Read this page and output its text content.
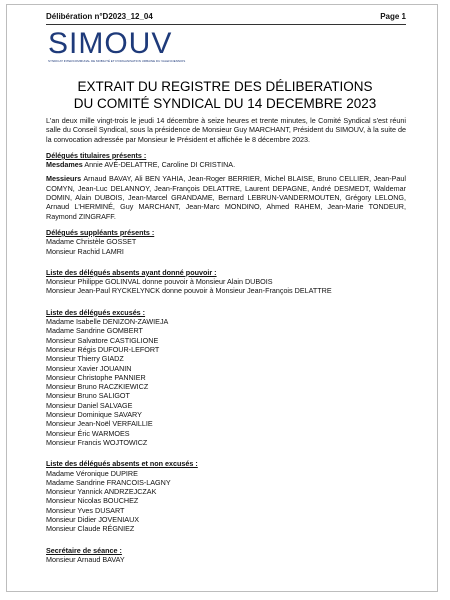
Délibération n°D2023_12_04	Page 1
SIMOUV
SYNDICAT INTERCOMMUNAL DE MOBILITÉ ET D'ORGANISATION URBAINE DU VALENCIENNOIS
EXTRAIT DU REGISTRE DES DÉLIBERATIONS
DU COMITÉ SYNDICAL DU 14 DECEMBRE 2023

L'an deux mille vingt-trois le jeudi 14 décembre à seize heures et trente minutes, le Comité Syndical s'est réuni salle du Conseil Syndical, sous la présidence de Monsieur Guy MARCHANT, Président du SIMOUV, à la suite de la convocation adressée par Monsieur le Président et affichée le 8 décembre 2023.

Délégués titulaires présents :

Mesdames Annie AVÉ-DELATTRE, Caroline DI CRISTINA.

Messieurs Arnaud BAVAY, Ali BEN YAHIA, Jean-Roger BERRIER, Michel BLAISE, Bruno CELLIER, Jean-Paul COMYN, Jean-Luc DELANNOY, Jean-François DELATTRE, Laurent DEPAGNE, André DESMEDT, Waldemar DOMIN, Alain DUBOIS, Jean-Marcel GRANDAME, Bernard LEBRUN-VANDERMOUTEN, Grégory LELONG, Arnaud L'HERMINÉ, Guy MARCHANT, Jean-Marc MONDINO, Ahmed RAHEM, Jean-Marie TONDEUR, Raymond ZINGRAFF.

Délégués suppléants présents :

Madame Christèle GOSSET
Monsieur Rachid LAMRI

Liste des délégués absents ayant donné pouvoir :

Monsieur Philippe GOLINVAL donne pouvoir à Monsieur Alain DUBOIS
Monsieur Jean-Paul RYCKELYNCK donne pouvoir à Monsieur Jean-François DELATTRE

Liste des délégués excusés :

Madame Isabelle DENIZON-ZAWIEJA
Madame Sandrine GOMBERT
Monsieur Salvatore CASTIGLIONE
Monsieur Régis DUFOUR-LEFORT
Monsieur Thierry GIADZ
Monsieur Xavier JOUANIN
Monsieur Christophe PANNIER
Monsieur Bruno RACZKIEWICZ
Monsieur Bruno SALIGOT
Monsieur Daniel SALVAGE
Monsieur Dominique SAVARY
Monsieur Jean-Noël VERFAILLIE
Monsieur Éric WARMOES
Monsieur Francis WOJTOWICZ

Liste des délégués absents et non excusés :

Madame Véronique DUPIRE
Madame Sandrine FRANCOIS-LAGNY
Monsieur Yannick ANDRZEJCZAK
Monsieur Nicolas BOUCHEZ
Monsieur Yves DUSART
Monsieur Didier JOVENIAUX
Monsieur Claude RÉGNIEZ

Secrétaire de séance :

Monsieur Arnaud BAVAY
